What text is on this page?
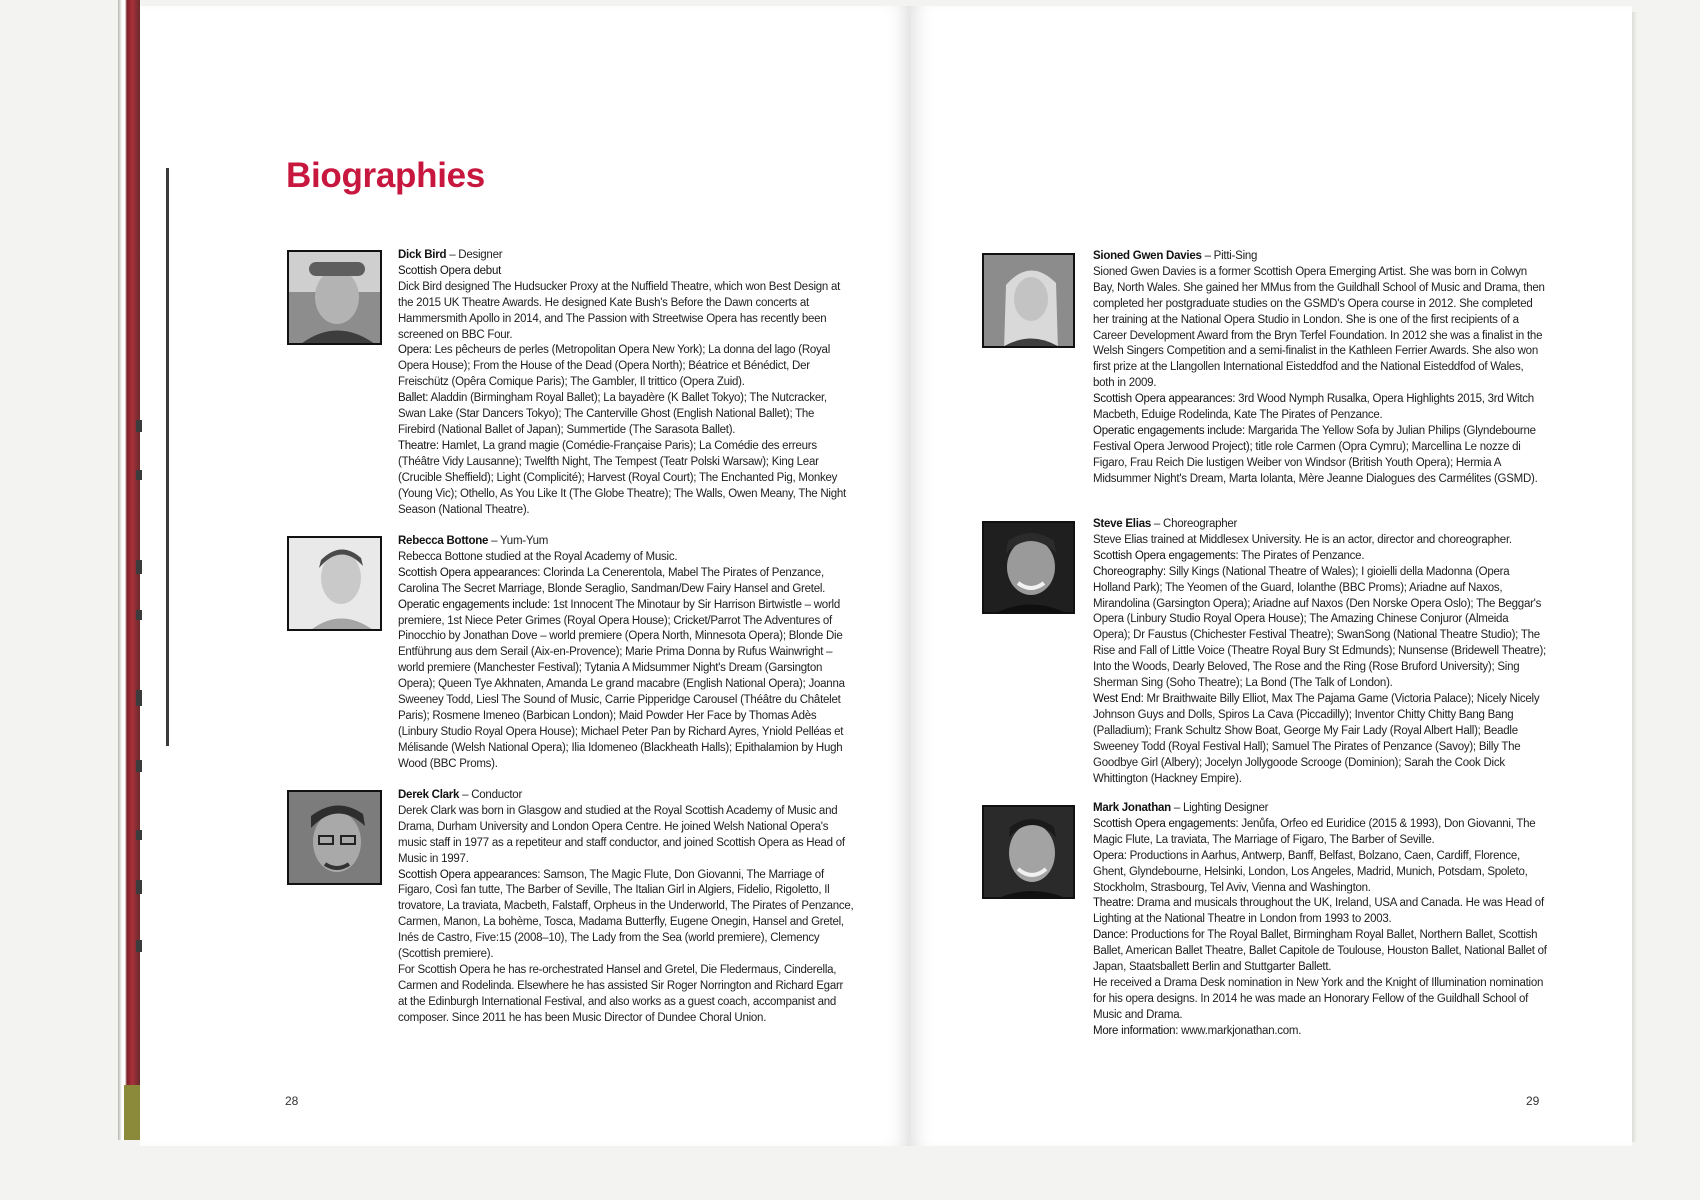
Biographies

Dick Bird – Designer

Scottish Opera debut

Dick Bird designed The Hudsucker Proxy at the Nuffield Theatre, which won Best Design at the 2015 UK Theatre Awards. He designed Kate Bush's Before the Dawn concerts at Hammersmith Apollo in 2014, and The Passion with Streetwise Opera has recently been screened on BBC Four.

Opera: Les pêcheurs de perles (Metropolitan Opera New York); La donna del lago (Royal Opera House); From the House of the Dead (Opera North); Béatrice et Bénédict, Der Freischütz (Opêra Comique Paris); The Gambler, Il trittico (Opera Zuid).

Ballet: Aladdin (Birmingham Royal Ballet); La bayadère (K Ballet Tokyo); The Nutcracker, Swan Lake (Star Dancers Tokyo); The Canterville Ghost (English National Ballet); The Firebird (National Ballet of Japan); Summertide (The Sarasota Ballet).

Theatre: Hamlet, La grand magie (Comédie-Française Paris); La Comédie des erreurs (Théâtre Vidy Lausanne); Twelfth Night, The Tempest (Teatr Polski Warsaw); King Lear (Crucible Sheffield); Light (Complicité); Harvest (Royal Court); The Enchanted Pig, Monkey (Young Vic); Othello, As You Like It (The Globe Theatre); The Walls, Owen Meany, The Night Season (National Theatre).

Rebecca Bottone – Yum-Yum

Rebecca Bottone studied at the Royal Academy of Music.

Scottish Opera appearances: Clorinda La Cenerentola, Mabel The Pirates of Penzance, Carolina The Secret Marriage, Blonde Seraglio, Sandman/Dew Fairy Hansel and Gretel.

Operatic engagements include: 1st Innocent The Minotaur by Sir Harrison Birtwistle – world premiere, 1st Niece Peter Grimes (Royal Opera House); Cricket/Parrot The Adventures of Pinocchio by Jonathan Dove – world premiere (Opera North, Minnesota Opera); Blonde Die Entführung aus dem Serail (Aix-en-Provence); Marie Prima Donna by Rufus Wainwright – world premiere (Manchester Festival); Tytania A Midsummer Night's Dream (Garsington Opera); Queen Tye Akhnaten, Amanda Le grand macabre (English National Opera); Joanna Sweeney Todd, Liesl The Sound of Music, Carrie Pipperidge Carousel (Théâtre du Châtelet Paris); Rosmene Imeneo (Barbican London); Maid Powder Her Face by Thomas Adès (Linbury Studio Royal Opera House); Michael Peter Pan by Richard Ayres, Yniold Pelléas et Mélisande (Welsh National Opera); Ilia Idomeneo (Blackheath Halls); Epithalamion by Hugh Wood (BBC Proms).

Derek Clark – Conductor

Derek Clark was born in Glasgow and studied at the Royal Scottish Academy of Music and Drama, Durham University and London Opera Centre. He joined Welsh National Opera's music staff in 1977 as a repetiteur and staff conductor, and joined Scottish Opera as Head of Music in 1997.

Scottish Opera appearances: Samson, The Magic Flute, Don Giovanni, The Marriage of Figaro, Così fan tutte, The Barber of Seville, The Italian Girl in Algiers, Fidelio, Rigoletto, Il trovatore, La traviata, Macbeth, Falstaff, Orpheus in the Underworld, The Pirates of Penzance, Carmen, Manon, La bohème, Tosca, Madama Butterfly, Eugene Onegin, Hansel and Gretel, Inés de Castro, Five:15 (2008–10), The Lady from the Sea (world premiere), Clemency (Scottish premiere).

For Scottish Opera he has re-orchestrated Hansel and Gretel, Die Fledermaus, Cinderella, Carmen and Rodelinda. Elsewhere he has assisted Sir Roger Norrington and Richard Egarr at the Edinburgh International Festival, and also works as a guest coach, accompanist and composer. Since 2011 he has been Music Director of Dundee Choral Union.

Sioned Gwen Davies – Pitti-Sing

Sioned Gwen Davies is a former Scottish Opera Emerging Artist. She was born in Colwyn Bay, North Wales. She gained her MMus from the Guildhall School of Music and Drama, then completed her postgraduate studies on the GSMD's Opera course in 2012. She completed her training at the National Opera Studio in London. She is one of the first recipients of a Career Development Award from the Bryn Terfel Foundation. In 2012 she was a finalist in the Welsh Singers Competition and a semi-finalist in the Kathleen Ferrier Awards. She also won first prize at the Llangollen International Eisteddfod and the National Eisteddfod of Wales, both in 2009.

Scottish Opera appearances: 3rd Wood Nymph Rusalka, Opera Highlights 2015, 3rd Witch Macbeth, Eduige Rodelinda, Kate The Pirates of Penzance.

Operatic engagements include: Margarida The Yellow Sofa by Julian Philips (Glyndebourne Festival Opera Jerwood Project); title role Carmen (Opra Cymru); Marcellina Le nozze di Figaro, Frau Reich Die lustigen Weiber von Windsor (British Youth Opera); Hermia A Midsummer Night's Dream, Marta Iolanta, Mère Jeanne Dialogues des Carmélites (GSMD).

Steve Elias – Choreographer

Steve Elias trained at Middlesex University. He is an actor, director and choreographer.

Scottish Opera engagements: The Pirates of Penzance.

Choreography: Silly Kings (National Theatre of Wales); I gioielli della Madonna (Opera Holland Park); The Yeomen of the Guard, Iolanthe (BBC Proms); Ariadne auf Naxos, Mirandolina (Garsington Opera); Ariadne auf Naxos (Den Norske Opera Oslo); The Beggar's Opera (Linbury Studio Royal Opera House); The Amazing Chinese Conjuror (Almeida Opera); Dr Faustus (Chichester Festival Theatre); SwanSong (National Theatre Studio); The Rise and Fall of Little Voice (Theatre Royal Bury St Edmunds); Nunsense (Bridewell Theatre); Into the Woods, Dearly Beloved, The Rose and the Ring (Rose Bruford University); Sing Sherman Sing (Soho Theatre); La Bond (The Talk of London).

West End: Mr Braithwaite Billy Elliot, Max The Pajama Game (Victoria Palace); Nicely Nicely Johnson Guys and Dolls, Spiros La Cava (Piccadilly); Inventor Chitty Chitty Bang Bang (Palladium); Frank Schultz Show Boat, George My Fair Lady (Royal Albert Hall); Beadle Sweeney Todd (Royal Festival Hall); Samuel The Pirates of Penzance (Savoy); Billy The Goodbye Girl (Albery); Jocelyn Jollygoode Scrooge (Dominion); Sarah the Cook Dick Whittington (Hackney Empire).

Mark Jonathan – Lighting Designer

Scottish Opera engagements: Jenůfa, Orfeo ed Euridice (2015 & 1993), Don Giovanni, The Magic Flute, La traviata, The Marriage of Figaro, The Barber of Seville.

Opera: Productions in Aarhus, Antwerp, Banff, Belfast, Bolzano, Caen, Cardiff, Florence, Ghent, Glyndebourne, Helsinki, London, Los Angeles, Madrid, Munich, Potsdam, Spoleto, Stockholm, Strasbourg, Tel Aviv, Vienna and Washington.

Theatre: Drama and musicals throughout the UK, Ireland, USA and Canada. He was Head of Lighting at the National Theatre in London from 1993 to 2003.

Dance: Productions for The Royal Ballet, Birmingham Royal Ballet, Northern Ballet, Scottish Ballet, American Ballet Theatre, Ballet Capitole de Toulouse, Houston Ballet, National Ballet of Japan, Staatsballett Berlin and Stuttgarter Ballett.

He received a Drama Desk nomination in New York and the Knight of Illumination nomination for his opera designs. In 2014 he was made an Honorary Fellow of the Guildhall School of Music and Drama.

More information: www.markjonathan.com.

28	29
